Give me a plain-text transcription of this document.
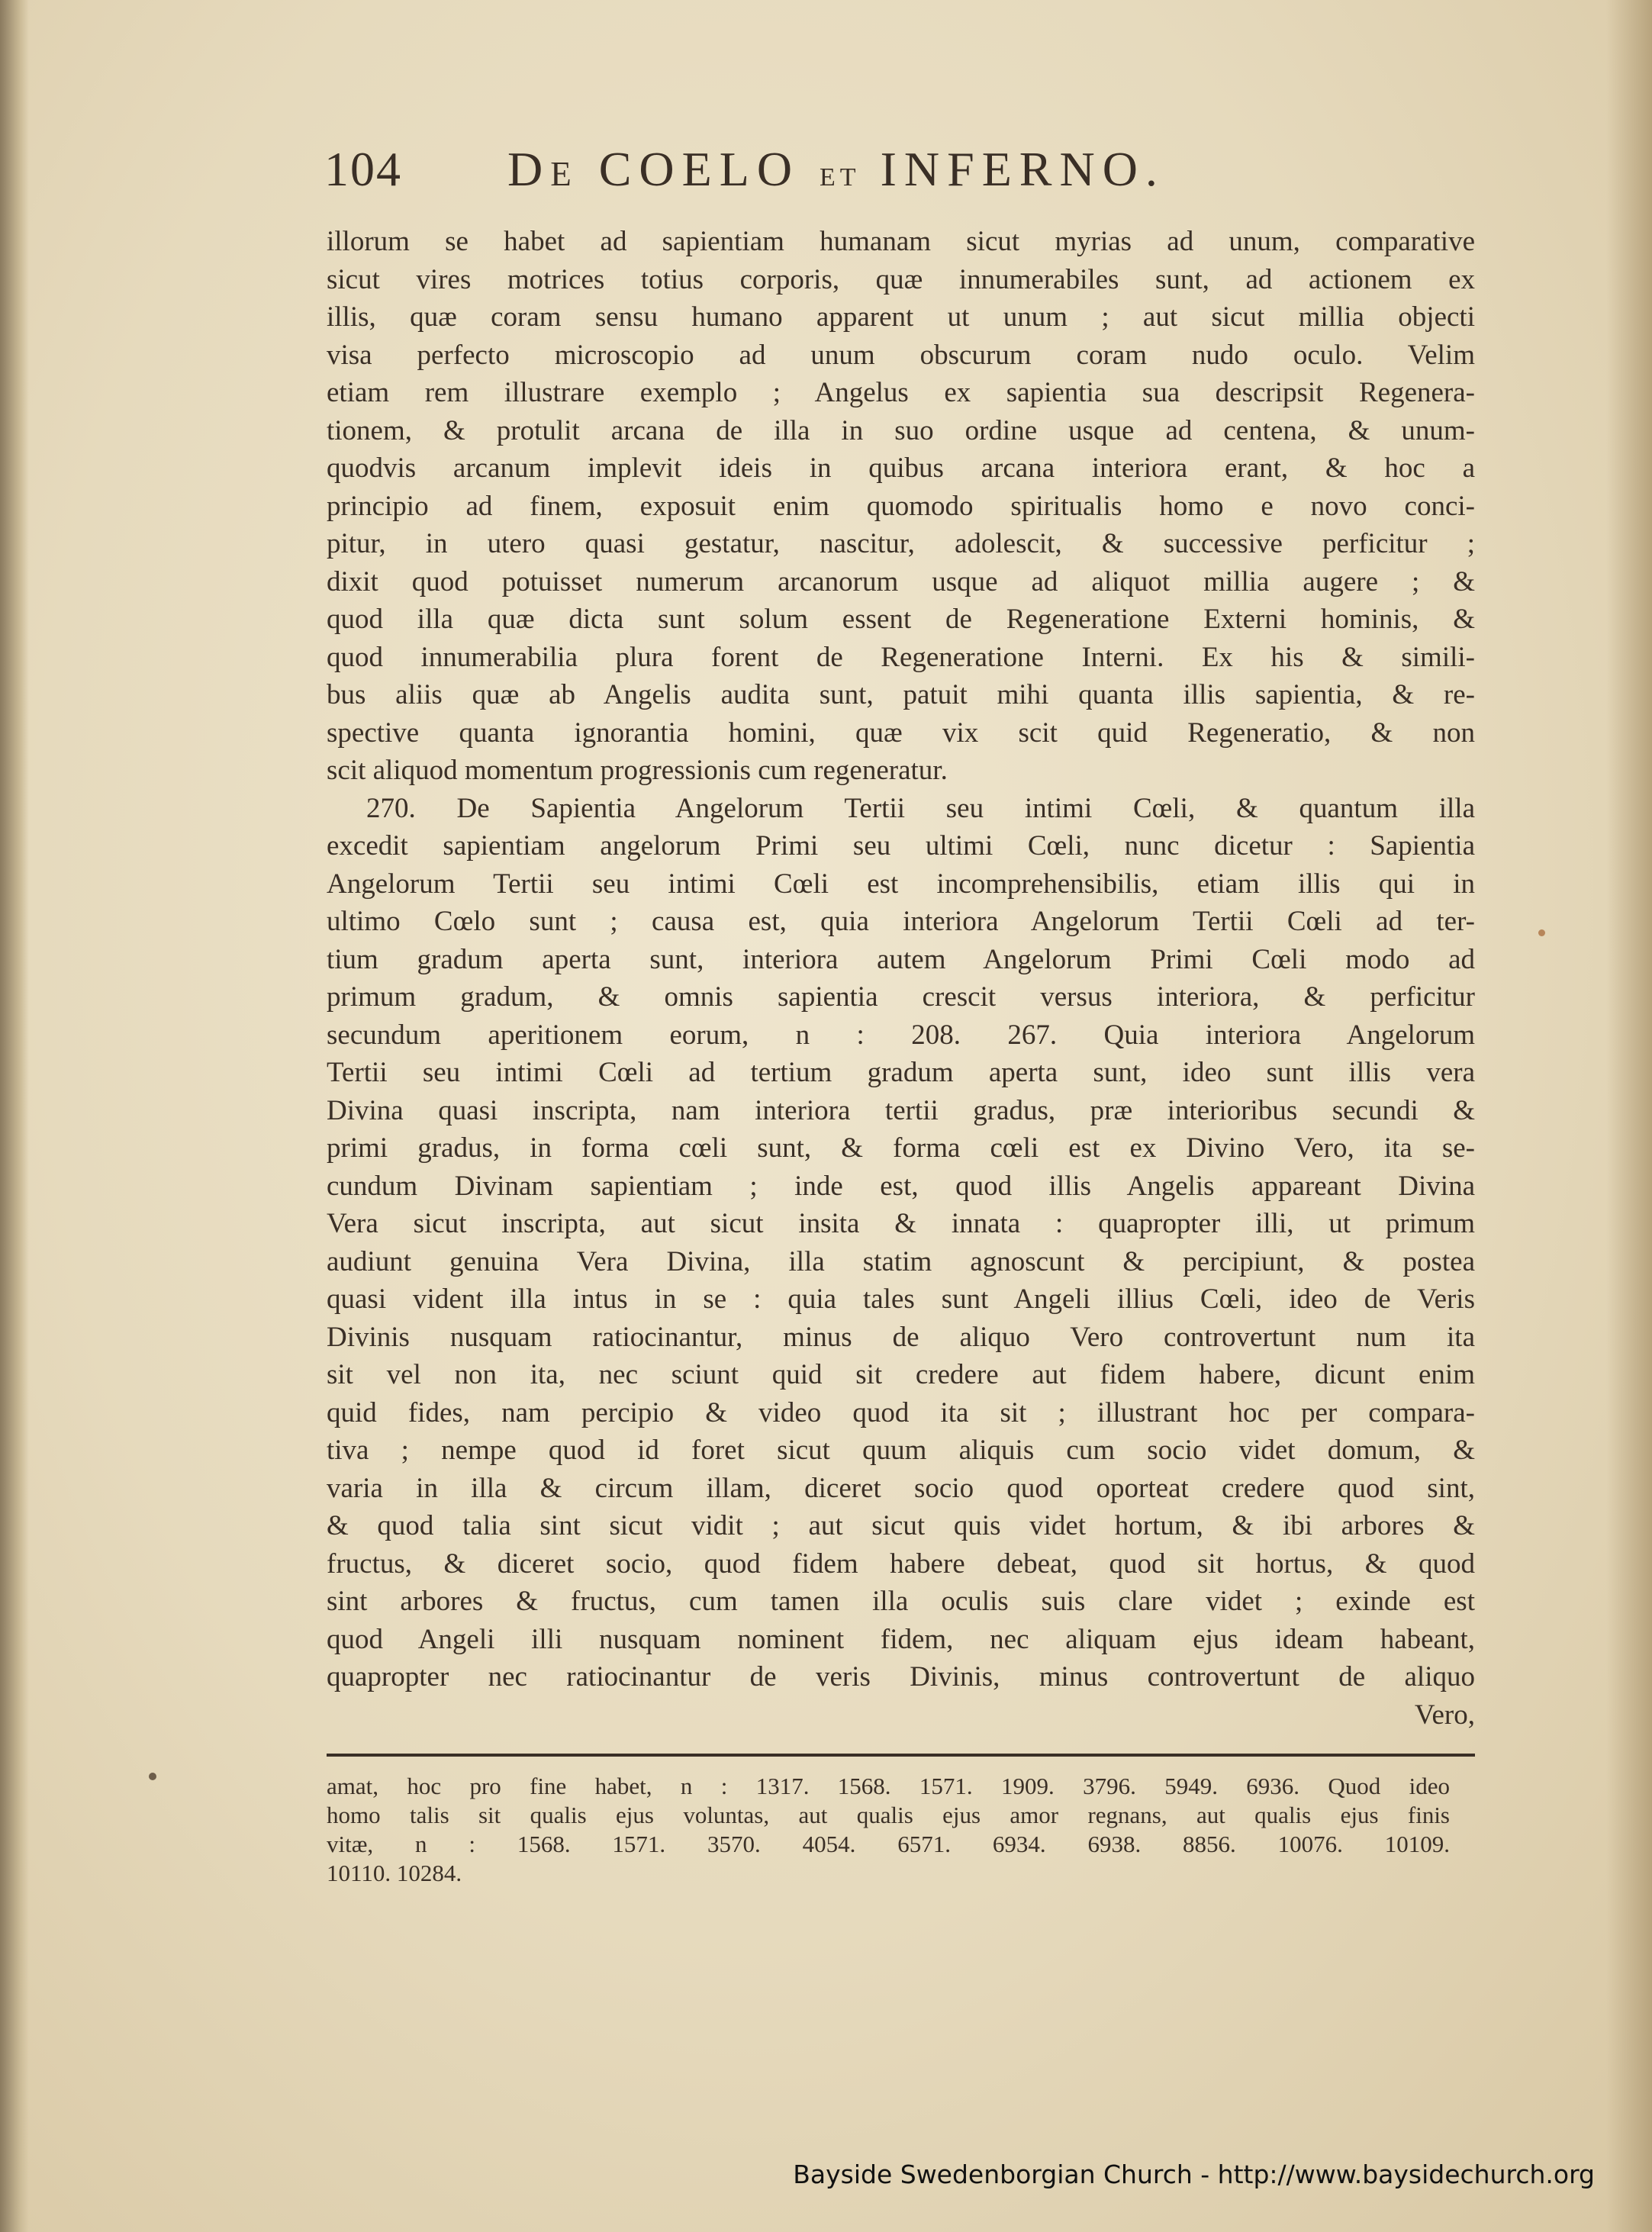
104 De COELO ET INFERNO.
illorum se habet ad sapientiam humanam sicut myrias ad unum, comparative
sicut vires motrices totius corporis, quæ innumerabiles sunt, ad actionem ex
illis, quæ coram sensu humano apparent ut unum ; aut sicut millia objecti
visa perfecto microscopio ad unum obscurum coram nudo oculo. Velim
etiam rem illustrare exemplo ; Angelus ex sapientia sua descripsit Regenera-
tionem, & protulit arcana de illa in suo ordine usque ad centena, & unum-
quodvis arcanum implevit ideis in quibus arcana interiora erant, & hoc a
principio ad finem, exposuit enim quomodo spiritualis homo e novo conci-
pitur, in utero quasi gestatur, nascitur, adolescit, & successive perficitur ;
dixit quod potuisset numerum arcanorum usque ad aliquot millia augere ; &
quod illa quæ dicta sunt solum essent de Regeneratione Externi hominis, &
quod innumerabilia plura forent de Regeneratione Interni. Ex his & simili-
bus aliis quæ ab Angelis audita sunt, patuit mihi quanta illis sapientia, & re-
spective quanta ignorantia homini, quæ vix scit quid Regeneratio, & non
scit aliquod momentum progressionis cum regeneratur.
270. De Sapientia Angelorum Tertii seu intimi Cœli, & quantum illa
excedit sapientiam angelorum Primi seu ultimi Cœli, nunc dicetur : Sapientia
Angelorum Tertii seu intimi Cœli est incomprehensibilis, etiam illis qui in
ultimo Cœlo sunt ; causa est, quia interiora Angelorum Tertii Cœli ad ter-
tium gradum aperta sunt, interiora autem Angelorum Primi Cœli modo ad
primum gradum, & omnis sapientia crescit versus interiora, & perficitur
secundum aperitionem eorum, n : 208. 267. Quia interiora Angelorum
Tertii seu intimi Cœli ad tertium gradum aperta sunt, ideo sunt illis vera
Divina quasi inscripta, nam interiora tertii gradus, præ interioribus secundi &
primi gradus, in forma cœli sunt, & forma cœli est ex Divino Vero, ita se-
cundum Divinam sapientiam ; inde est, quod illis Angelis appareant Divina
Vera sicut inscripta, aut sicut insita & innata : quapropter illi, ut primum
audiunt genuina Vera Divina, illa statim agnoscunt & percipiunt, & postea
quasi vident illa intus in se : quia tales sunt Angeli illius Cœli, ideo de Veris
Divinis nusquam ratiocinantur, minus de aliquo Vero controvertunt num ita
sit vel non ita, nec sciunt quid sit credere aut fidem habere, dicunt enim
quid fides, nam percipio & video quod ita sit ; illustrant hoc per compara-
tiva ; nempe quod id foret sicut quum aliquis cum socio videt domum, &
varia in illa & circum illam, diceret socio quod oporteat credere quod sint,
& quod talia sint sicut vidit ; aut sicut quis videt hortum, & ibi arbores &
fructus, & diceret socio, quod fidem habere debeat, quod sit hortus, & quod
sint arbores & fructus, cum tamen illa oculis suis clare videt ; exinde est
quod Angeli illi nusquam nominent fidem, nec aliquam ejus ideam habeant,
quapropter nec ratiocinantur de veris Divinis, minus controvertunt de aliquo
Vero,
amat, hoc pro fine habet, n : 1317. 1568. 1571. 1909. 3796. 5949. 6936. Quod ideo
homo talis sit qualis ejus voluntas, aut qualis ejus amor regnans, aut qualis ejus finis
vitæ, n : 1568. 1571. 3570. 4054. 6571. 6934. 6938. 8856. 10076. 10109.
10110. 10284.
Bayside Swedenborgian Church - http://www.baysidechurch.org
